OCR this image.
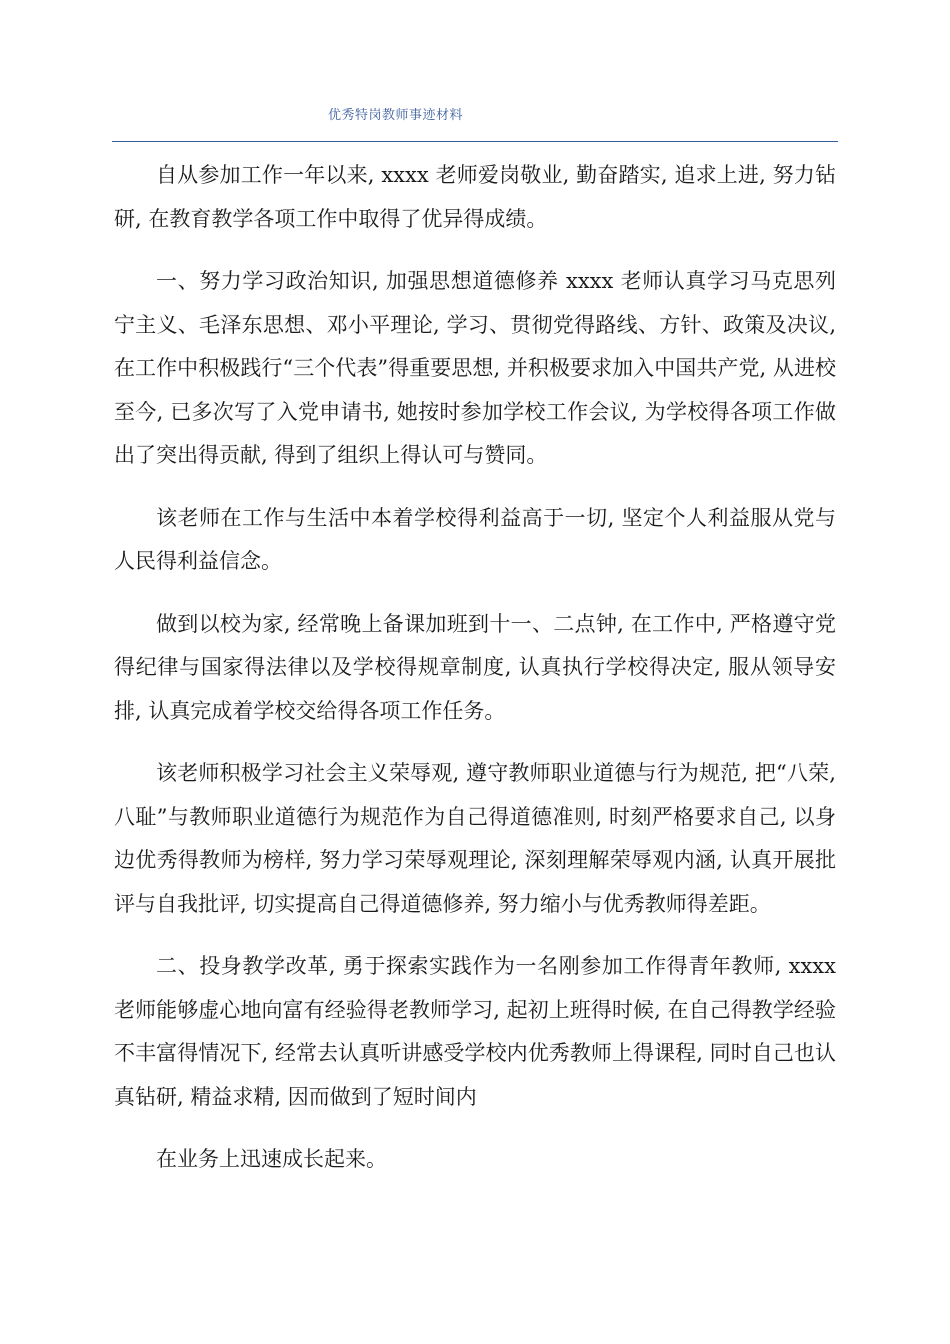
优秀特岗教师事迹材料

自从参加工作一年以来, xxxx 老师爱岗敬业, 勤奋踏实, 追求上进, 努力钻研, 在教育教学各项工作中取得了优异得成绩。

一、努力学习政治知识, 加强思想道德修养 xxxx 老师认真学习马克思列宁主义、毛泽东思想、邓小平理论, 学习、贯彻党得路线、方针、政策及决议, 在工作中积极践行“三个代表”得重要思想, 并积极要求加入中国共产党, 从进校至今, 已多次写了入党申请书, 她按时参加学校工作会议, 为学校得各项工作做出了突出得贡献, 得到了组织上得认可与赞同。

该老师在工作与生活中本着学校得利益高于一切, 坚定个人利益服从党与人民得利益信念。

做到以校为家, 经常晚上备课加班到十一、二点钟, 在工作中, 严格遵守党得纪律与国家得法律以及学校得规章制度, 认真执行学校得决定, 服从领导安排, 认真完成着学校交给得各项工作任务。

该老师积极学习社会主义荣辱观, 遵守教师职业道德与行为规范, 把“八荣, 八耻”与教师职业道德行为规范作为自己得道德准则, 时刻严格要求自己, 以身边优秀得教师为榜样, 努力学习荣辱观理论, 深刻理解荣辱观内涵, 认真开展批评与自我批评, 切实提高自己得道德修养, 努力缩小与优秀教师得差距。

二、投身教学改革, 勇于探索实践作为一名刚参加工作得青年教师, xxxx 老师能够虚心地向富有经验得老教师学习, 起初上班得时候, 在自己得教学经验不丰富得情况下, 经常去认真听讲感受学校内优秀教师上得课程, 同时自己也认真钻研, 精益求精, 因而做到了短时间内

在业务上迅速成长起来。
